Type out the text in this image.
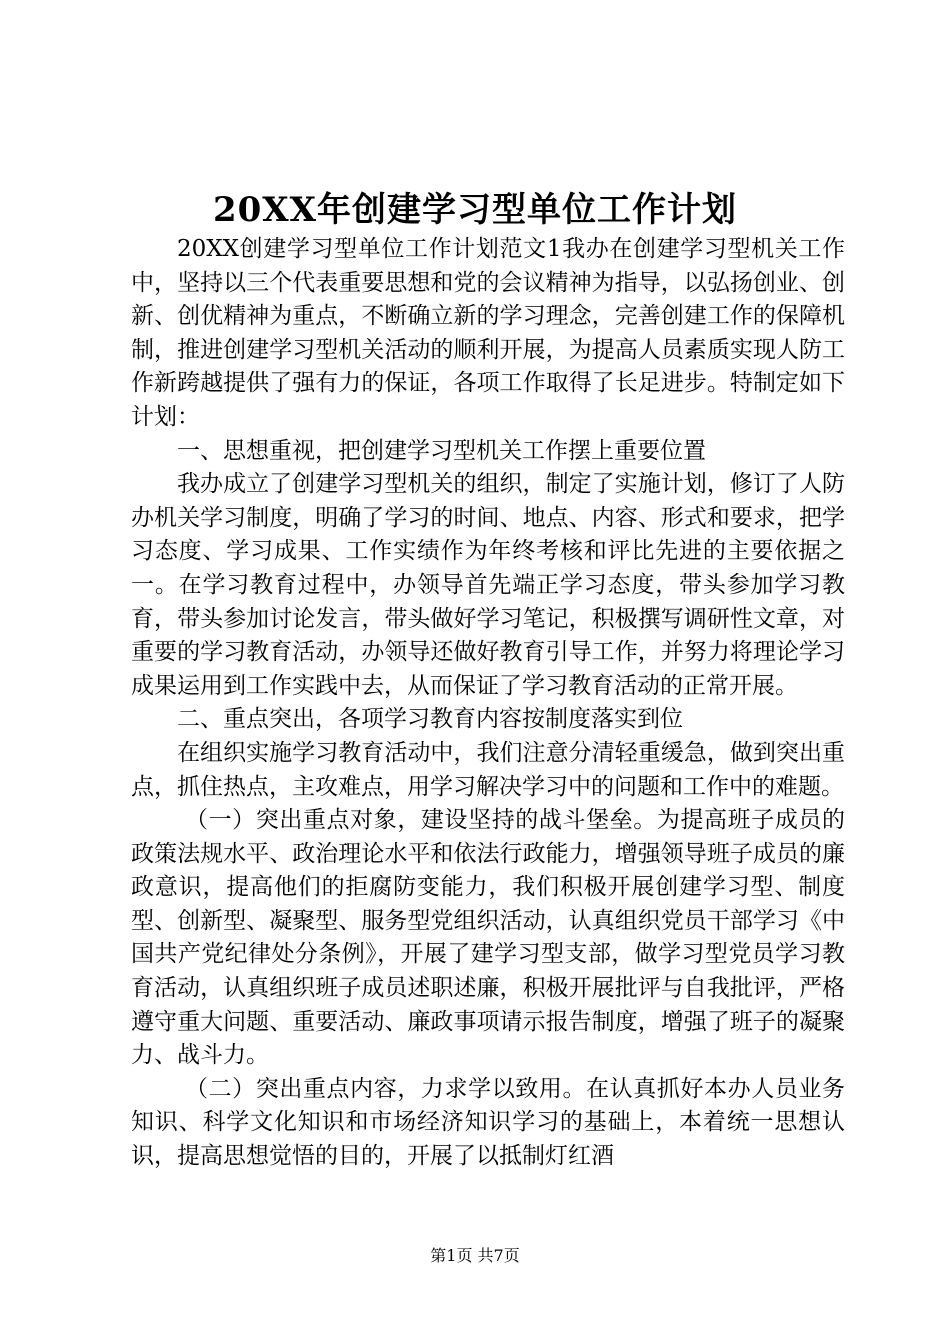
20XX年创建学习型单位工作计划

20XX创建学习型单位工作计划范文1我办在创建学习型机关工作中，坚持以三个代表重要思想和党的会议精神为指导，以弘扬创业、创新、创优精神为重点，不断确立新的学习理念，完善创建工作的保障机制，推进创建学习型机关活动的顺利开展，为提高人员素质实现人防工作新跨越提供了强有力的保证，各项工作取得了长足进步。特制定如下计划：

一、思想重视，把创建学习型机关工作摆上重要位置

我办成立了创建学习型机关的组织，制定了实施计划，修订了人防办机关学习制度，明确了学习的时间、地点、内容、形式和要求，把学习态度、学习成果、工作实绩作为年终考核和评比先进的主要依据之一。在学习教育过程中，办领导首先端正学习态度，带头参加学习教育，带头参加讨论发言，带头做好学习笔记，积极撰写调研性文章，对重要的学习教育活动，办领导还做好教育引导工作，并努力将理论学习成果运用到工作实践中去，从而保证了学习教育活动的正常开展。

二、重点突出，各项学习教育内容按制度落实到位

在组织实施学习教育活动中，我们注意分清轻重缓急，做到突出重点，抓住热点，主攻难点，用学习解决学习中的问题和工作中的难题。

（一）突出重点对象，建设坚持的战斗堡垒。为提高班子成员的政策法规水平、政治理论水平和依法行政能力，增强领导班子成员的廉政意识，提高他们的拒腐防变能力，我们积极开展创建学习型、制度型、创新型、凝聚型、服务型党组织活动，认真组织党员干部学习《中国共产党纪律处分条例》，开展了建学习型支部，做学习型党员学习教育活动，认真组织班子成员述职述廉，积极开展批评与自我批评，严格遵守重大问题、重要活动、廉政事项请示报告制度，增强了班子的凝聚力、战斗力。

（二）突出重点内容，力求学以致用。在认真抓好本办人员业务知识、科学文化知识和市场经济知识学习的基础上，本着统一思想认识，提高思想觉悟的目的，开展了以抵制灯红酒

第1页 共7页
